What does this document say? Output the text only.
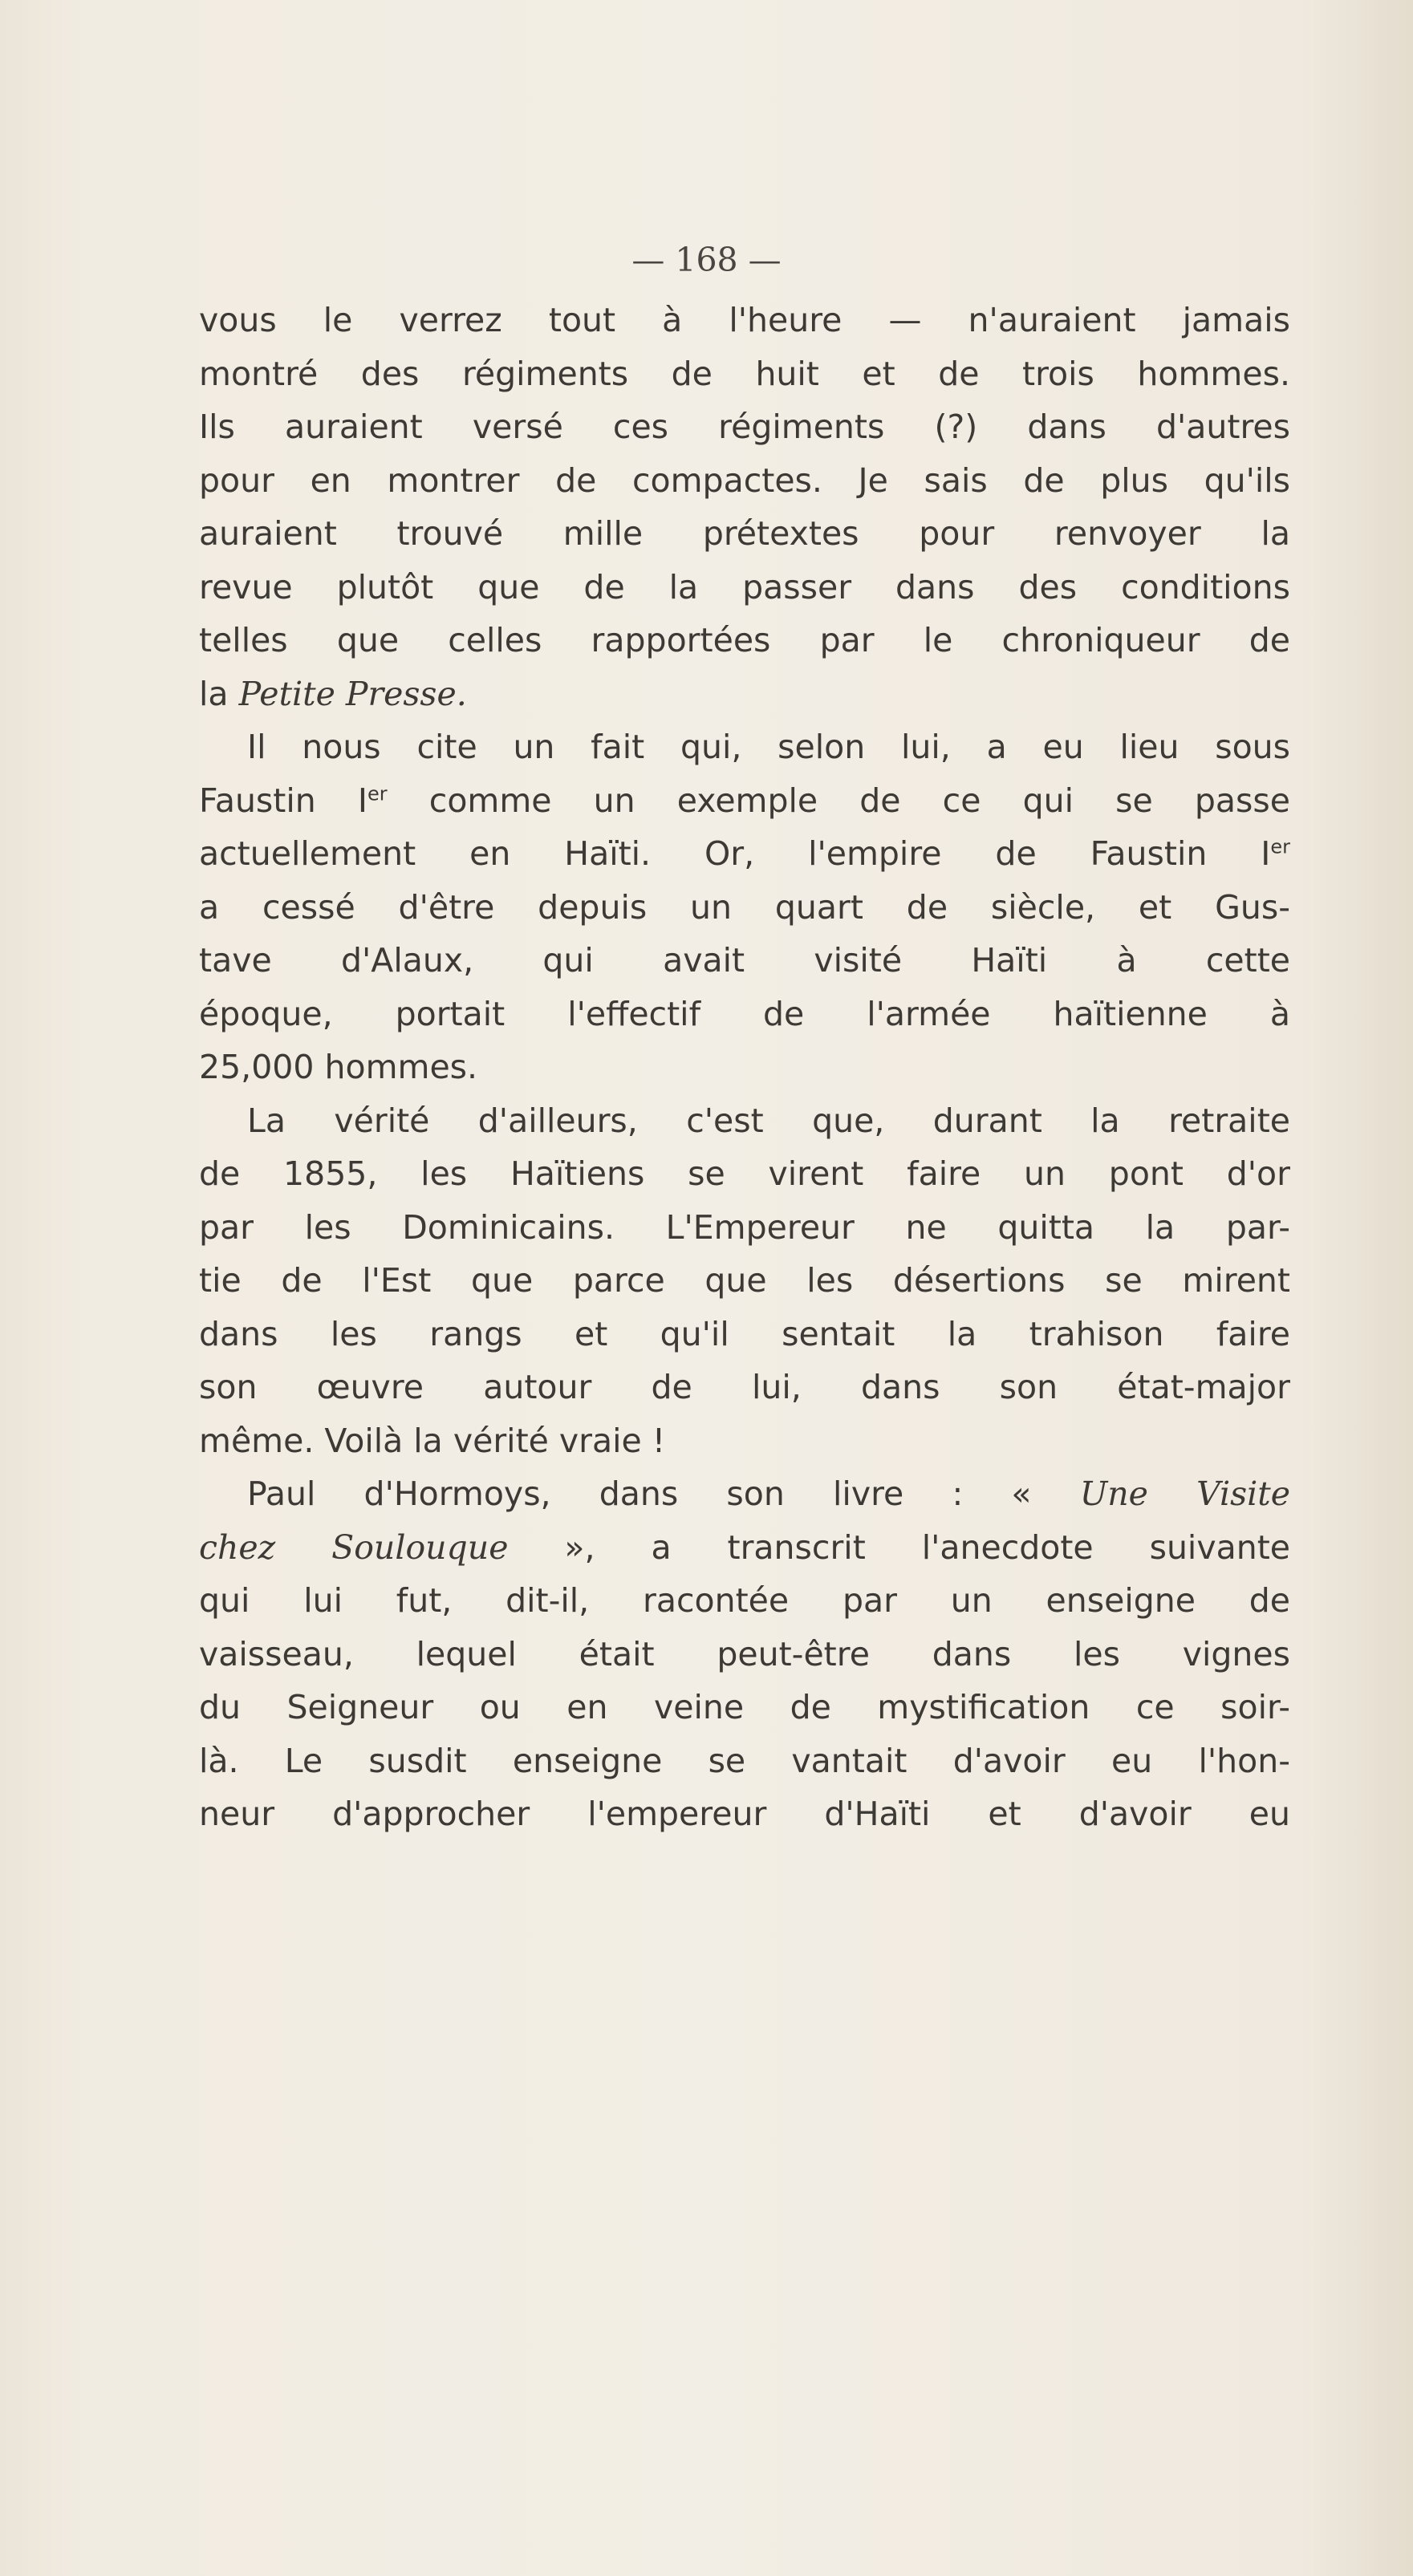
— 168 —
vous le verrez tout à l'heure — n'auraient jamais
montré des régiments de huit et de trois hommes.
Ils auraient versé ces régiments (?) dans d'autres
pour en montrer de compactes. Je sais de plus qu'ils
auraient trouvé mille prétextes pour renvoyer la
revue plutôt que de la passer dans des conditions
telles que celles rapportées par le chroniqueur de
la Petite Presse.
Il nous cite un fait qui, selon lui, a eu lieu sous
Faustin Ier comme un exemple de ce qui se passe
actuellement en Haïti. Or, l'empire de Faustin Ier
a cessé d'être depuis un quart de siècle, et Gus-
tave d'Alaux, qui avait visité Haïti à cette
époque, portait l'effectif de l'armée haïtienne à
25,000 hommes.
La vérité d'ailleurs, c'est que, durant la retraite
de 1855, les Haïtiens se virent faire un pont d'or
par les Dominicains. L'Empereur ne quitta la par-
tie de l'Est que parce que les désertions se mirent
dans les rangs et qu'il sentait la trahison faire
son œuvre autour de lui, dans son état-major
même. Voilà la vérité vraie !
Paul d'Hormoys, dans son livre : « Une Visite
chez Soulouque », a transcrit l'anecdote suivante
qui lui fut, dit-il, racontée par un enseigne de
vaisseau, lequel était peut-être dans les vignes
du Seigneur ou en veine de mystification ce soir-
là. Le susdit enseigne se vantait d'avoir eu l'hon-
neur d'approcher l'empereur d'Haïti et d'avoir eu
